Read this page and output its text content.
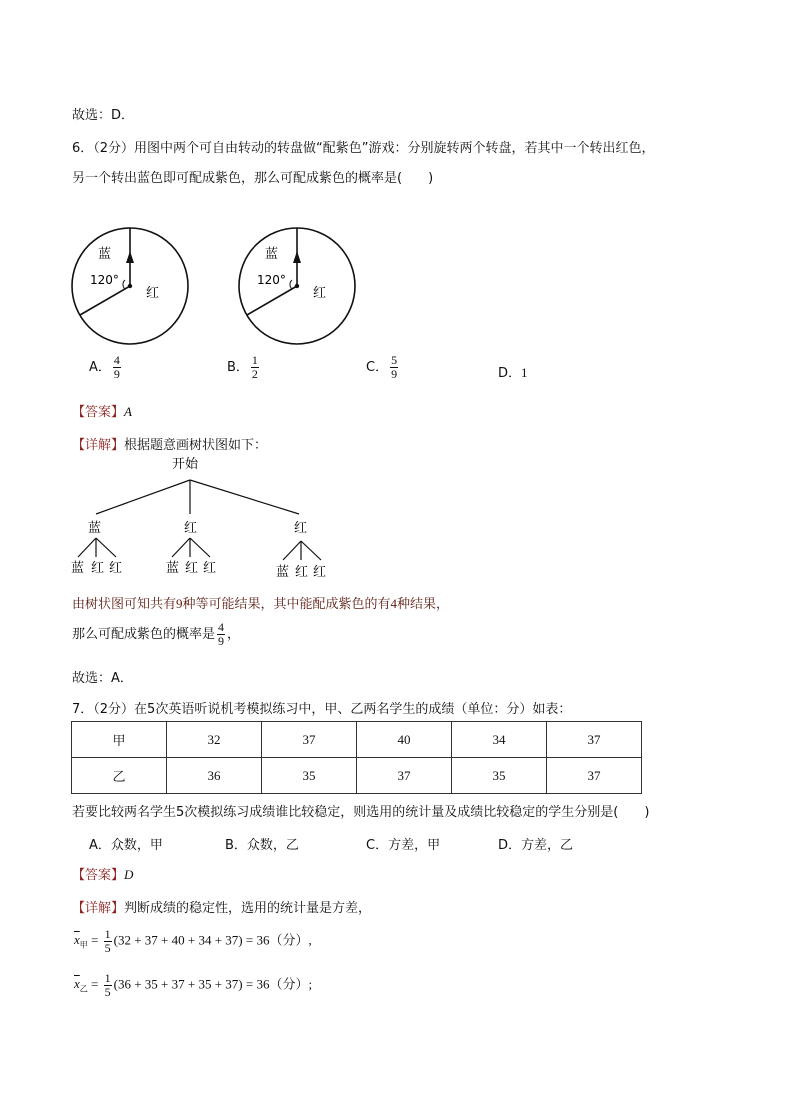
故选：D．
6．（2分）用图中两个可自由转动的转盘做“配紫色”游戏：分别旋转两个转盘，若其中一个转出红色，
另一个转出蓝色即可配成紫色，那么可配成紫色的概率是(　　)
蓝
120°
红
蓝
120°
红
A． $\frac{4}{9}$	B． $\frac{1}{2}$	C． $\frac{5}{9}$	D．1
【答案】A
【详解】根据题意画树状图如下：
开始
蓝	红	红
蓝 红 红	蓝 红 红	蓝 红 红
由树状图可知共有9种等可能结果，其中能配成紫色的有4种结果，
那么可配成紫色的概率是 $\frac{4}{9}$ ，
故选：A．
7．（2分）在5次英语听说机考模拟练习中，甲、乙两名学生的成绩（单位：分）如表：
甲	32	37	40	34	37
乙	36	35	37	35	37
若要比较两名学生5次模拟练习成绩谁比较稳定，则选用的统计量及成绩比较稳定的学生分别是(　　)
A．众数，甲	B．众数，乙	C．方差，甲	D．方差，乙
【答案】D
【详解】判断成绩的稳定性，选用的统计量是方差，
$\overline{x}_甲 = \frac{1}{5} (32 + 37 + 40 + 34 + 37) = 36$（分）,
$\overline{x}_乙 = \frac{1}{5} (36 + 35 + 37 + 35 + 37) = 36$（分）;
